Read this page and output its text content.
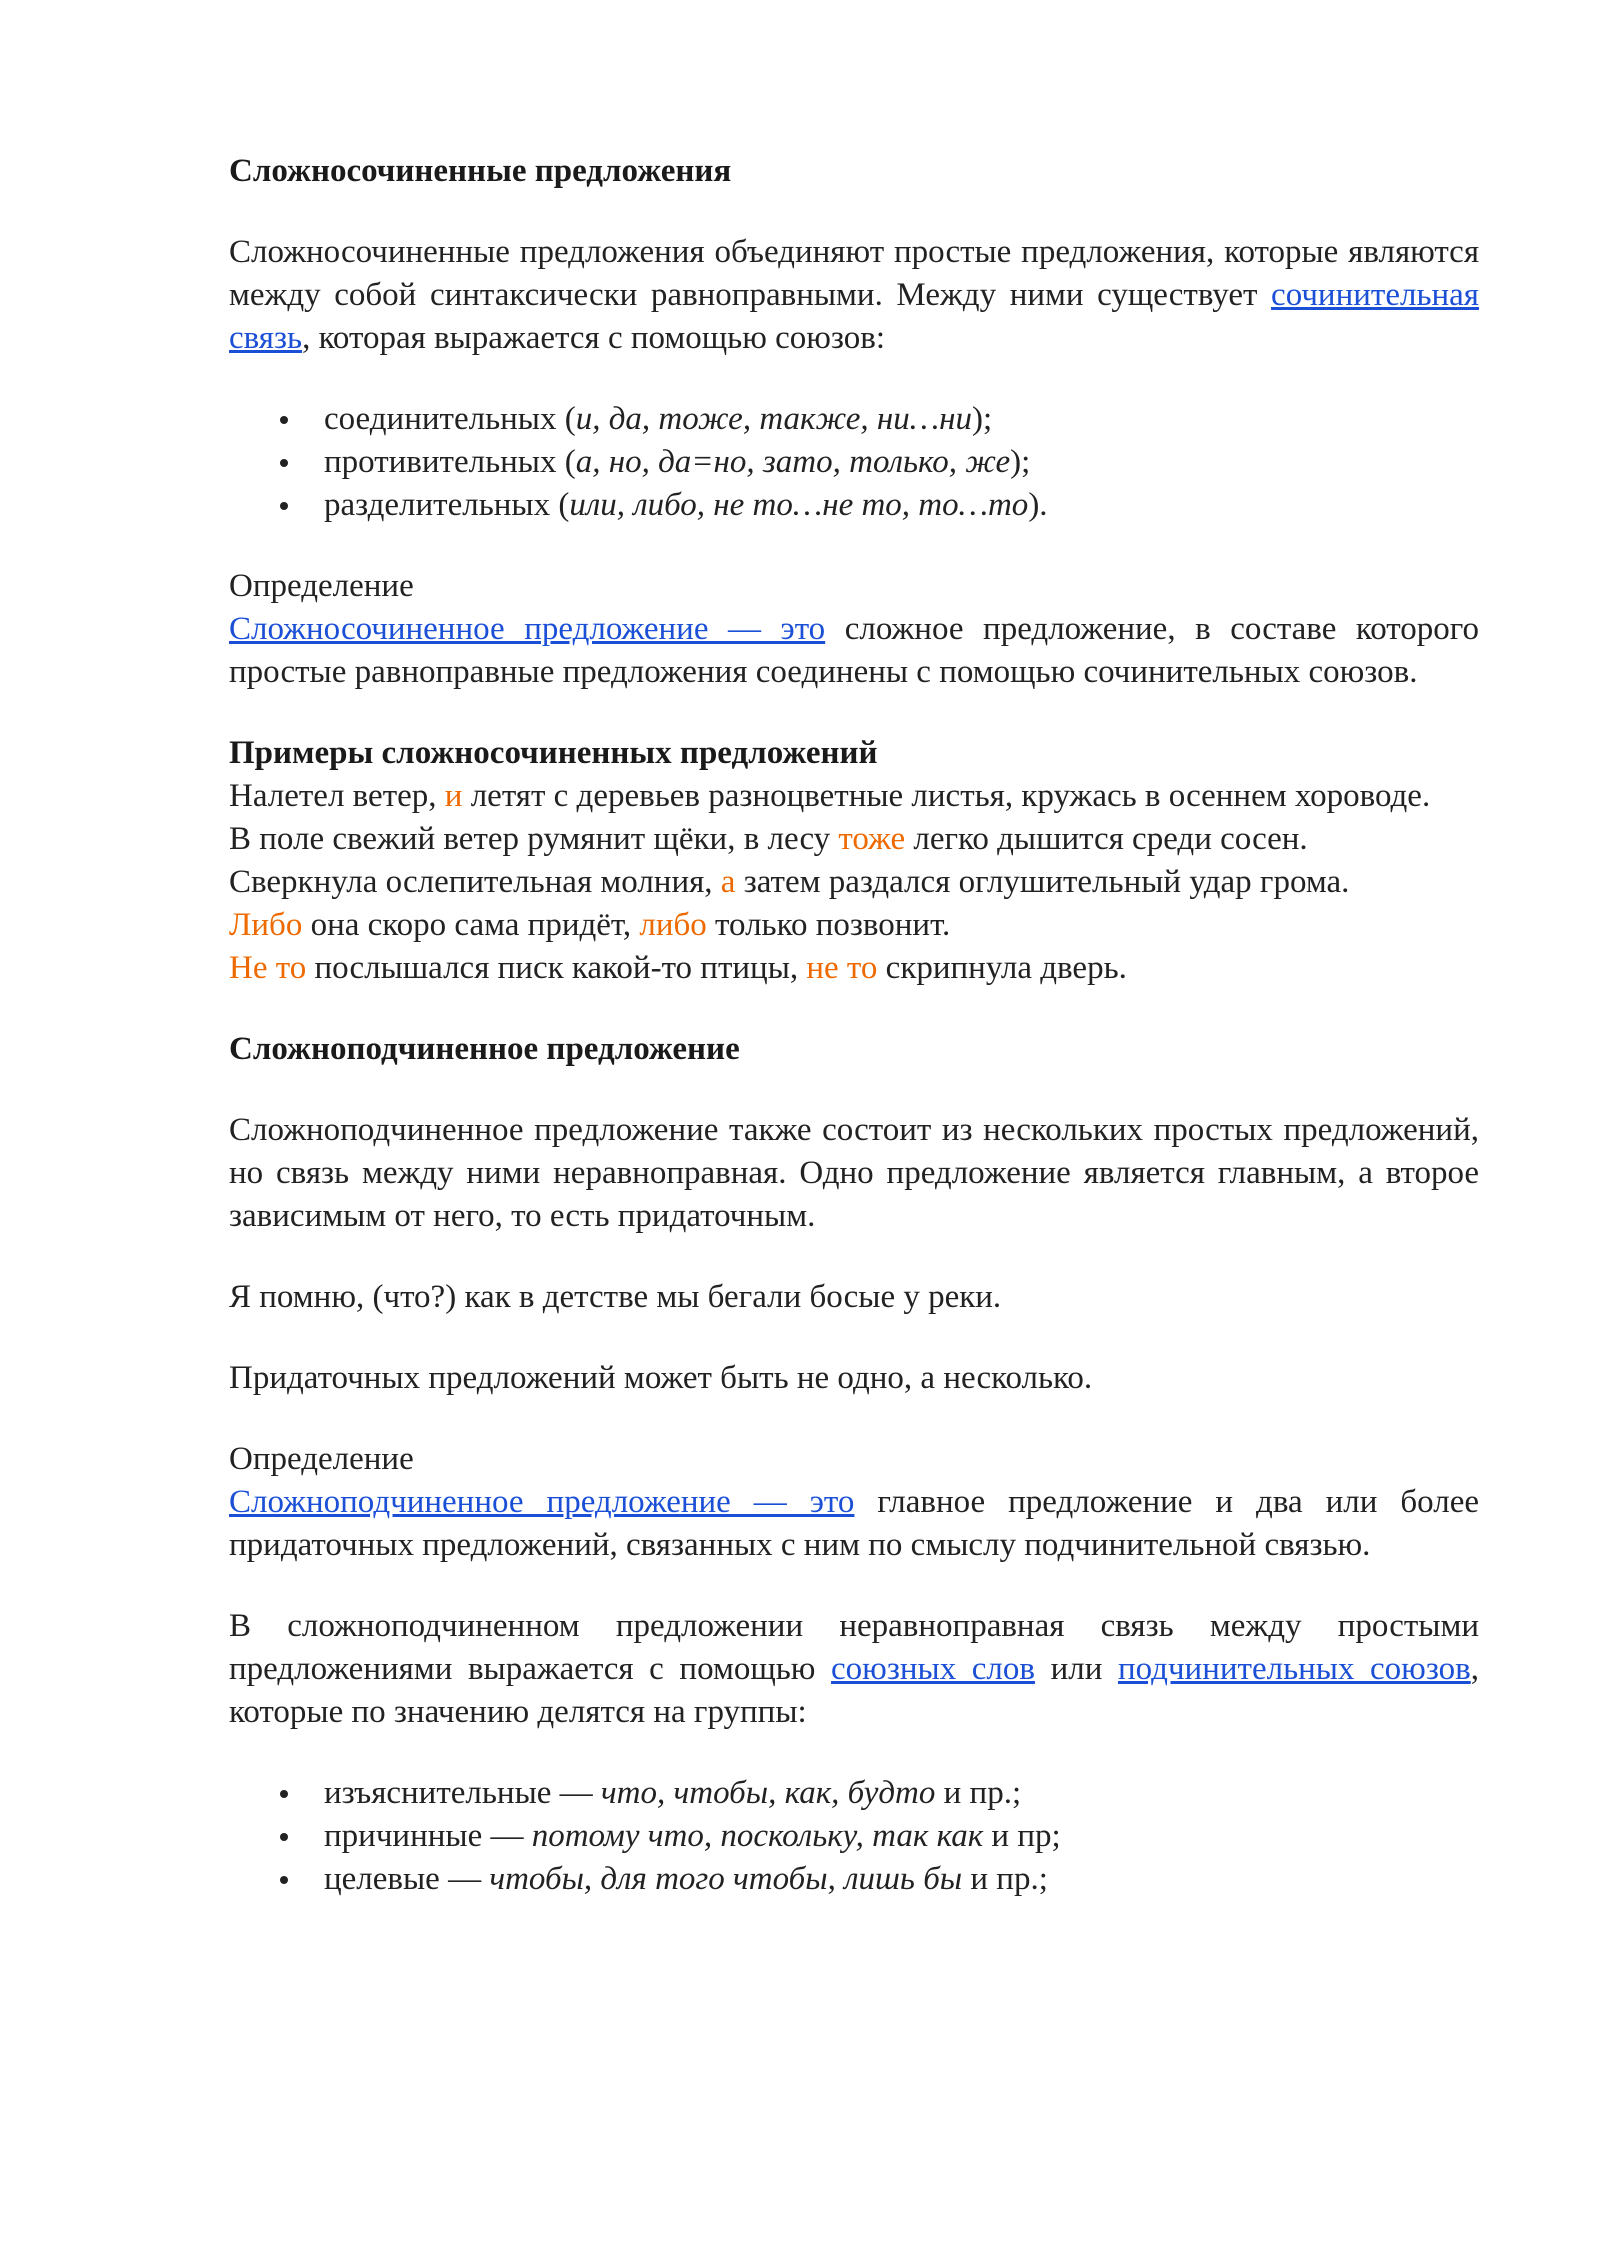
Сложносочиненные предложения

Сложносочиненные предложения объединяют простые предложения, которые являются между собой синтаксически равноправными. Между ними существует сочинительная связь, которая выражается с помощью союзов:

соединительных (и, да, тоже, также, ни…ни);
противительных (а, но, да=но, зато, только, же);
разделительных (или, либо, не то…не то, то…то).

Определение

Сложносочиненное предложение — это сложное предложение, в составе которого простые равноправные предложения соединены с помощью сочинительных союзов.

Примеры сложносочиненных предложений

Налетел ветер, и летят с деревьев разноцветные листья, кружась в осеннем хороводе.

В поле свежий ветер румянит щёки, в лесу тоже легко дышится среди сосен.

Сверкнула ослепительная молния, а затем раздался оглушительный удар грома.

Либо она скоро сама придёт, либо только позвонит.

Не то послышался писк какой-то птицы, не то скрипнула дверь.

Сложноподчиненное предложение

Сложноподчиненное предложение также состоит из нескольких простых предложений, но связь между ними неравноправная. Одно предложение является главным, а второе зависимым от него, то есть придаточным.

Я помню, (что?) как в детстве мы бегали босые у реки.

Придаточных предложений может быть не одно, а несколько.

Определение

Сложноподчиненное предложение — это главное предложение и два или более придаточных предложений, связанных с ним по смыслу подчинительной связью.

В сложноподчиненном предложении неравноправная связь между простыми предложениями выражается с помощью союзных слов или подчинительных союзов, которые по значению делятся на группы:

изъяснительные — что, чтобы, как, будто и пр.;
причинные — потому что, поскольку, так как и пр;
целевые — чтобы, для того чтобы, лишь бы и пр.;
